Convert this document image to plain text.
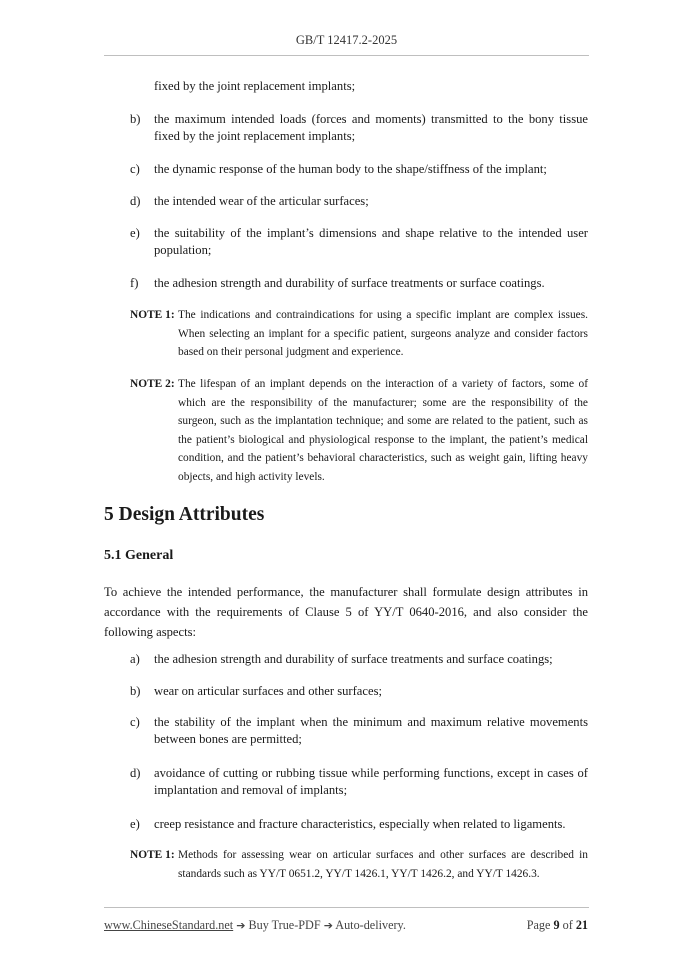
GB/T 12417.2-2025
fixed by the joint replacement implants;
b) the maximum intended loads (forces and moments) transmitted to the bony tissue fixed by the joint replacement implants;
c) the dynamic response of the human body to the shape/stiffness of the implant;
d) the intended wear of the articular surfaces;
e) the suitability of the implant’s dimensions and shape relative to the intended user population;
f) the adhesion strength and durability of surface treatments or surface coatings.
NOTE 1: The indications and contraindications for using a specific implant are complex issues. When selecting an implant for a specific patient, surgeons analyze and consider factors based on their personal judgment and experience.
NOTE 2: The lifespan of an implant depends on the interaction of a variety of factors, some of which are the responsibility of the manufacturer; some are the responsibility of the surgeon, such as the implantation technique; and some are related to the patient, such as the patient’s biological and physiological response to the implant, the patient’s medical condition, and the patient’s behavioral characteristics, such as weight gain, lifting heavy objects, and high activity levels.
5 Design Attributes
5.1 General
To achieve the intended performance, the manufacturer shall formulate design attributes in accordance with the requirements of Clause 5 of YY/T 0640-2016, and also consider the following aspects:
a) the adhesion strength and durability of surface treatments and surface coatings;
b) wear on articular surfaces and other surfaces;
c) the stability of the implant when the minimum and maximum relative movements between bones are permitted;
d) avoidance of cutting or rubbing tissue while performing functions, except in cases of implantation and removal of implants;
e) creep resistance and fracture characteristics, especially when related to ligaments.
NOTE 1: Methods for assessing wear on articular surfaces and other surfaces are described in standards such as YY/T 0651.2, YY/T 1426.1, YY/T 1426.2, and YY/T 1426.3.
www.ChineseStandard.net ➔ Buy True-PDF ➔ Auto-delivery.	Page 9 of 21
